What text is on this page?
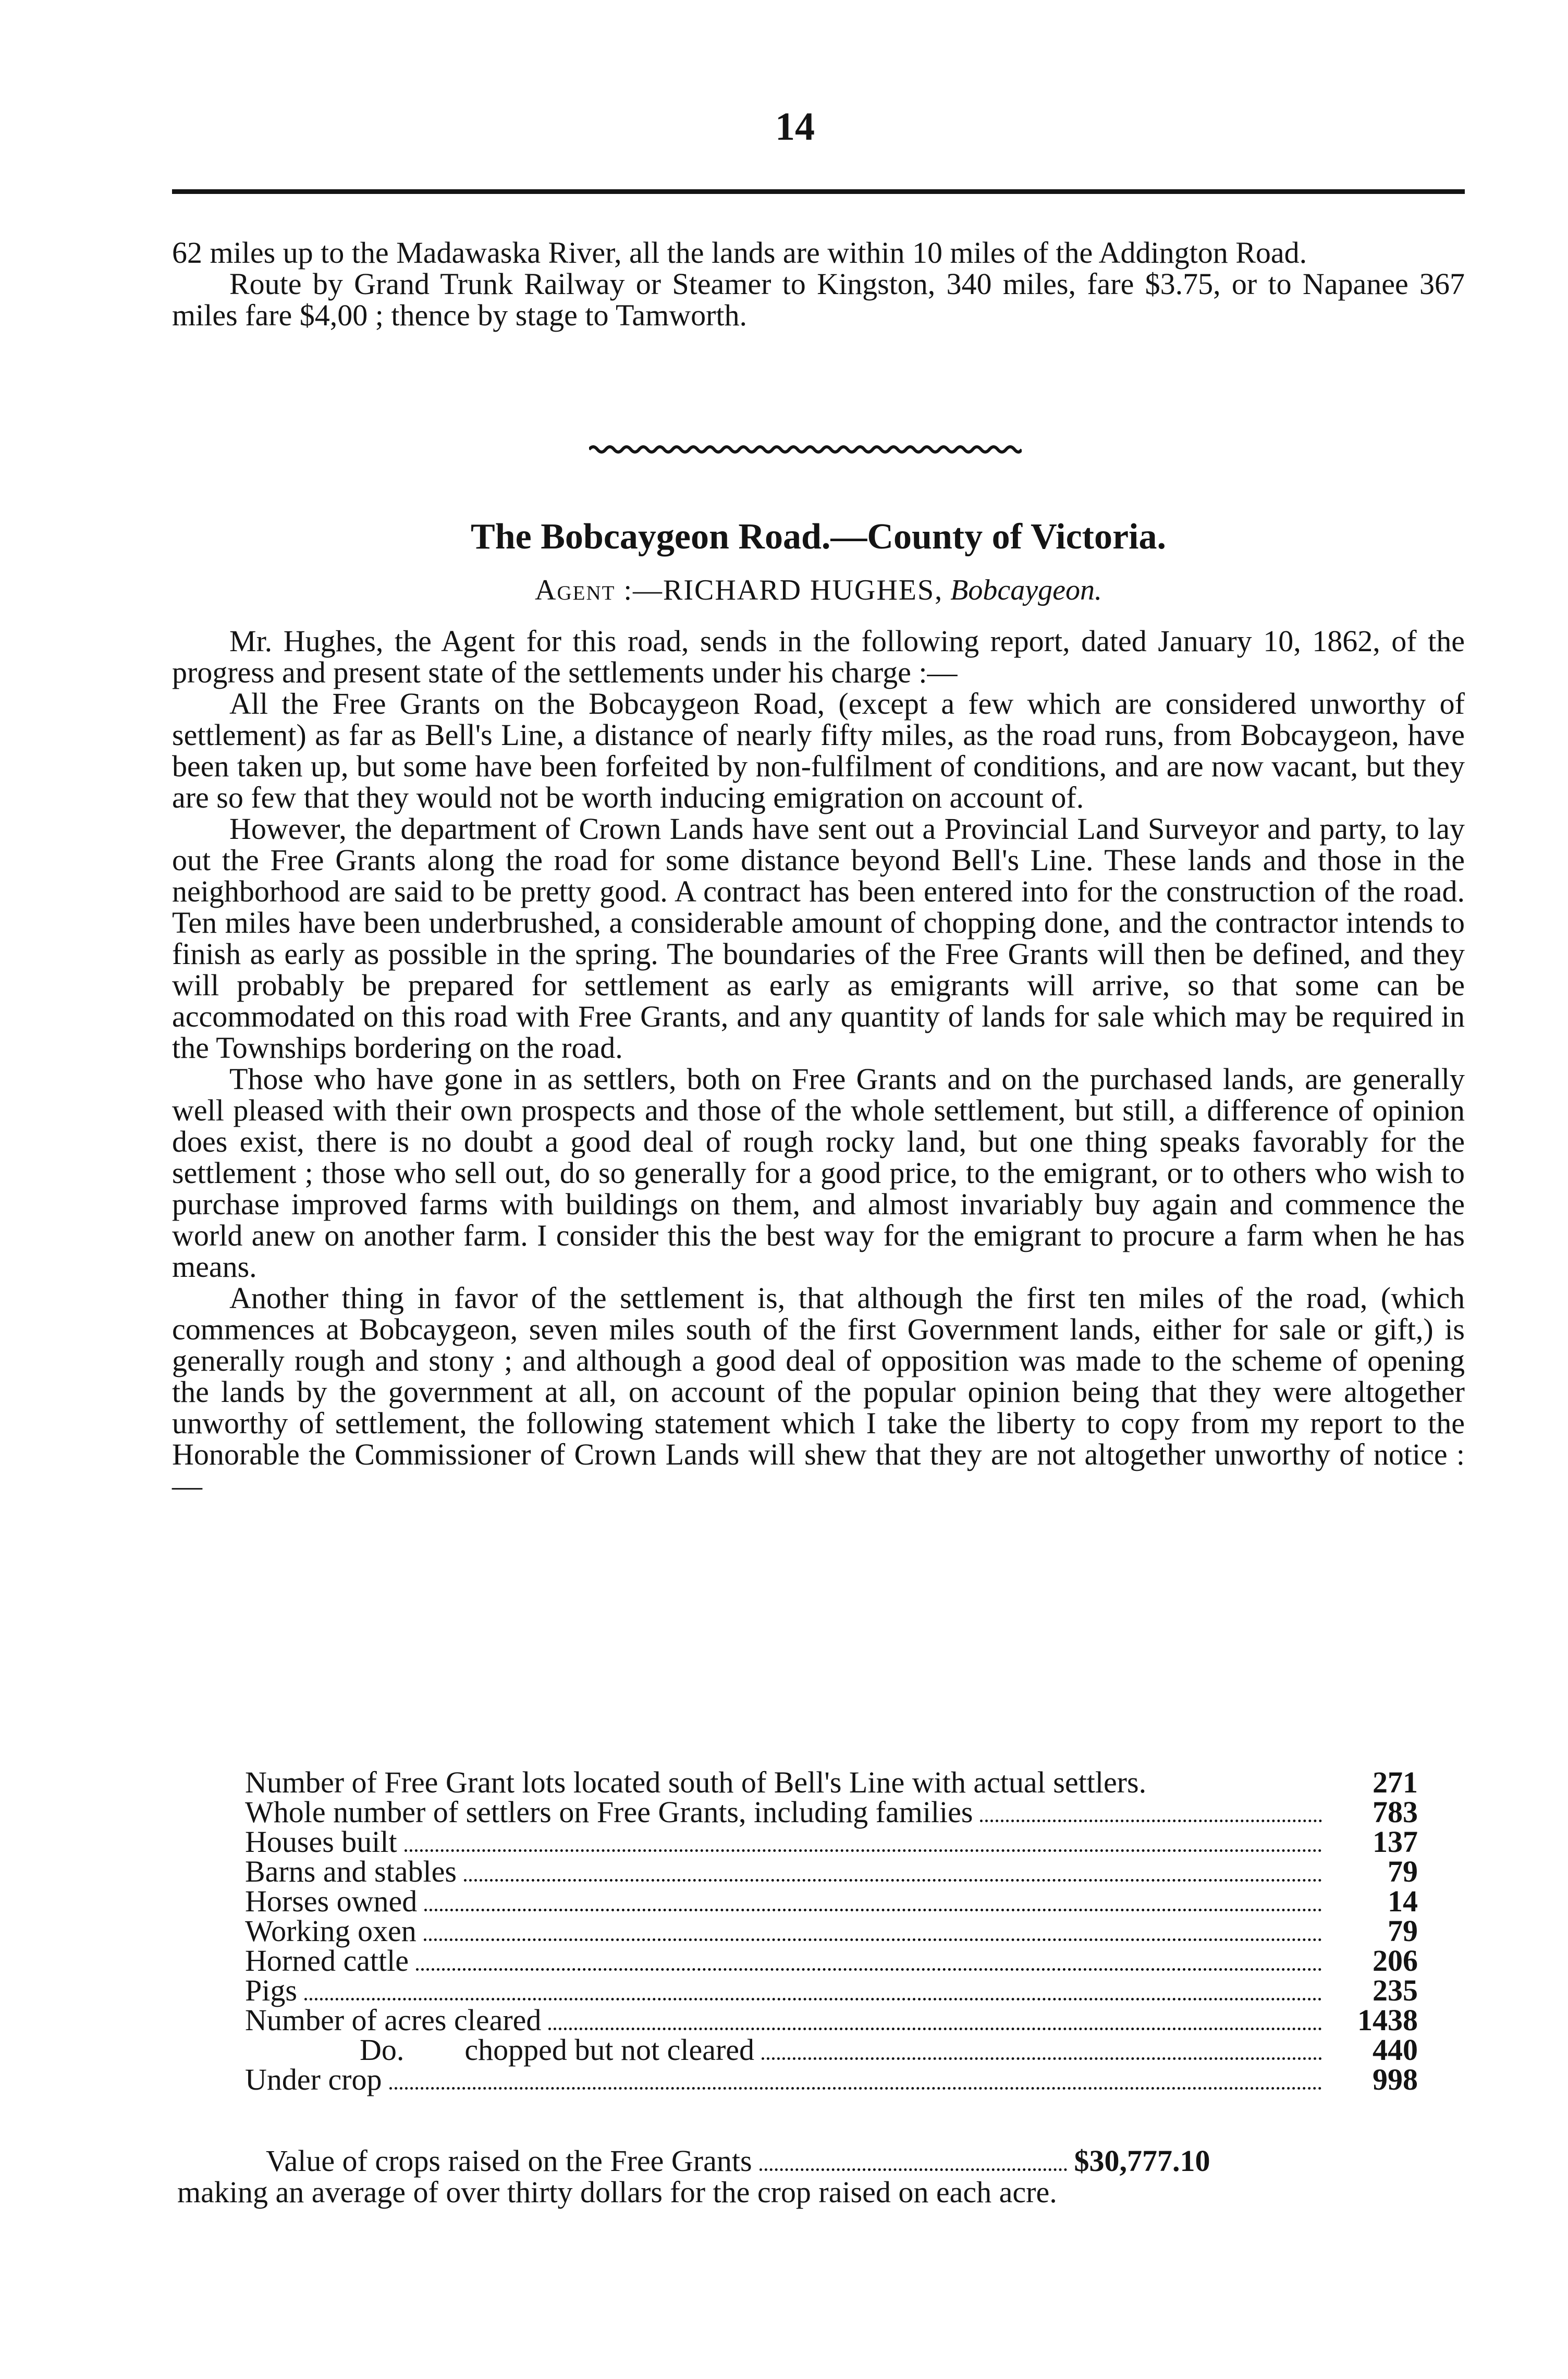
14

62 miles up to the Madawaska River, all the lands are within 10 miles of the Addington Road.

Route by Grand Trunk Railway or Steamer to Kingston, 340 miles, fare $3.75, or to Napanee 367 miles fare $4,00 ; thence by stage to Tamworth.

The Bobcaygeon Road.—County of Victoria.
Agent :—RICHARD HUGHES, Bobcaygeon.

Mr. Hughes, the Agent for this road, sends in the following report, dated January 10, 1862, of the progress and present state of the settlements under his charge :—

All the Free Grants on the Bobcaygeon Road, (except a few which are considered unworthy of settlement) as far as Bell's Line, a distance of nearly fifty miles, as the road runs, from Bobcaygeon, have been taken up, but some have been forfeited by non-fulfilment of conditions, and are now vacant, but they are so few that they would not be worth inducing emigration on account of.

However, the department of Crown Lands have sent out a Provincial Land Surveyor and party, to lay out the Free Grants along the road for some distance beyond Bell's Line. These lands and those in the neighborhood are said to be pretty good. A contract has been entered into for the construction of the road. Ten miles have been underbrushed, a considerable amount of chopping done, and the contractor intends to finish as early as possible in the spring. The boundaries of the Free Grants will then be defined, and they will probably be prepared for settlement as early as emigrants will arrive, so that some can be accommodated on this road with Free Grants, and any quantity of lands for sale which may be required in the Townships bordering on the road.

Those who have gone in as settlers, both on Free Grants and on the purchased lands, are generally well pleased with their own prospects and those of the whole settlement, but still, a difference of opinion does exist, there is no doubt a good deal of rough rocky land, but one thing speaks favorably for the settlement ; those who sell out, do so generally for a good price, to the emigrant, or to others who wish to purchase improved farms with buildings on them, and almost invariably buy again and commence the world anew on another farm. I consider this the best way for the emigrant to procure a farm when he has means.

Another thing in favor of the settlement is, that although the first ten miles of the road, (which commences at Bobcaygeon, seven miles south of the first Government lands, either for sale or gift,) is generally rough and stony ; and although a good deal of opposition was made to the scheme of opening the lands by the government at all, on account of the popular opinion being that they were altogether unworthy of settlement, the following statement which I take the liberty to copy from my report to the Honorable the Commissioner of Crown Lands will shew that they are not altogether unworthy of notice :—

Number of Free Grant lots located south of Bell's Line with actual settlers.	271
Whole number of settlers on Free Grants, including families	783
Houses built	137
Barns and stables	79
Horses owned	14
Working oxen	79
Horned cattle	206
Pigs	235
Number of acres cleared	1438
Do.        chopped but not cleared	440
Under crop	998
Value of crops raised on the Free Grants	$30,777.10
making an average of over thirty dollars for the crop raised on each acre.
